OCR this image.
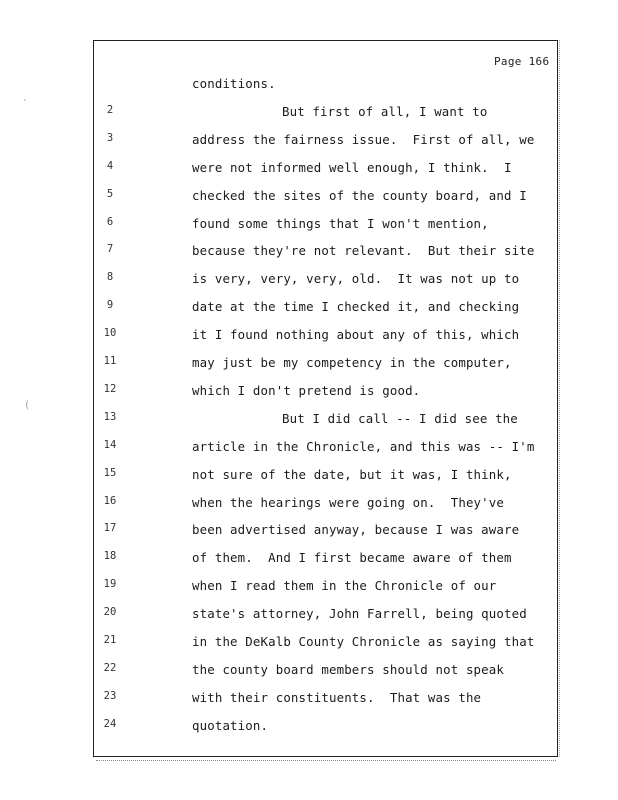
Page 166
·
(
conditions.
2	But first of all, I want to
3	address the fairness issue.  First of all, we
4	were not informed well enough, I think.  I
5	checked the sites of the county board, and I
6	found some things that I won't mention,
7	because they're not relevant.  But their site
8	is very, very, very, old.  It was not up to
9	date at the time I checked it, and checking
10	it I found nothing about any of this, which
11	may just be my competency in the computer,
12	which I don't pretend is good.
13	But I did call -- I did see the
14	article in the Chronicle, and this was -- I'm
15	not sure of the date, but it was, I think,
16	when the hearings were going on.  They've
17	been advertised anyway, because I was aware
18	of them.  And I first became aware of them
19	when I read them in the Chronicle of our
20	state's attorney, John Farrell, being quoted
21	in the DeKalb County Chronicle as saying that
22	the county board members should not speak
23	with their constituents.  That was the
24	quotation.
